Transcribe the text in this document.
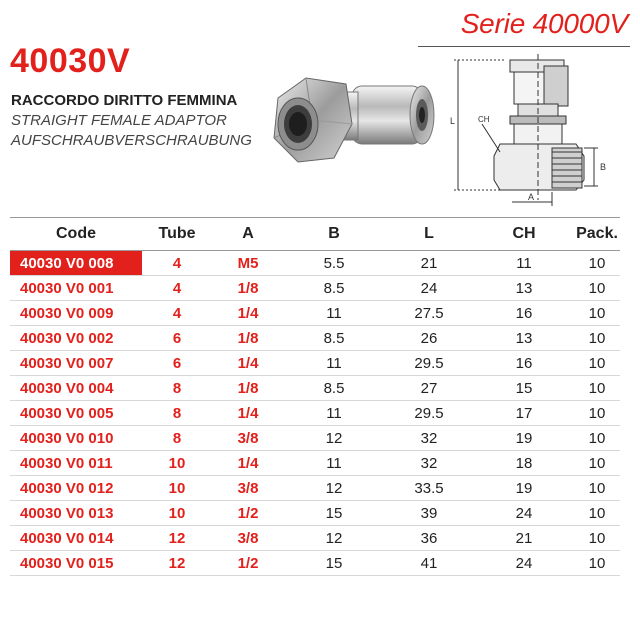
Serie 40000V
40030V
RACCORDO DIRITTO FEMMINA
STRAIGHT FEMALE ADAPTOR
AUFSCHRAUBVERSCHRAUBUNG
L	CH
B
A
Code	Tube	A	B	L	CH	Pack.
40030 V0 008	4	M5	5.5	21	11	10
40030 V0 001	4	1/8	8.5	24	13	10
40030 V0 009	4	1/4	11	27.5	16	10
40030 V0 002	6	1/8	8.5	26	13	10
40030 V0 007	6	1/4	11	29.5	16	10
40030 V0 004	8	1/8	8.5	27	15	10
40030 V0 005	8	1/4	11	29.5	17	10
40030 V0 010	8	3/8	12	32	19	10
40030 V0 011	10	1/4	11	32	18	10
40030 V0 012	10	3/8	12	33.5	19	10
40030 V0 013	10	1/2	15	39	24	10
40030 V0 014	12	3/8	12	36	21	10
40030 V0 015	12	1/2	15	41	24	10
